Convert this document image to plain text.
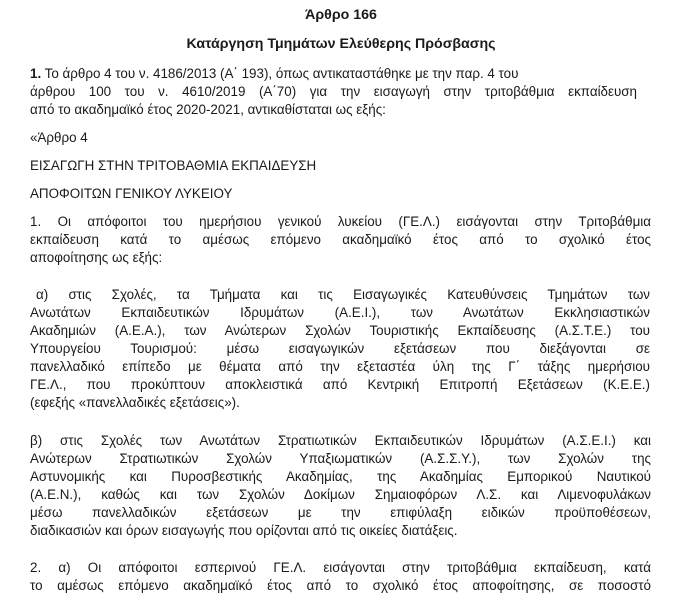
Άρθρο 166
Κατάργηση Τμημάτων Ελεύθερης Πρόσβασης
1. Το άρθρο 4 του ν. 4186/2013 (Α΄ 193), όπως αντικαταστάθηκε με την παρ. 4 του
άρθρου 100 του ν. 4610/2019 (Α΄70) για την εισαγωγή στην τριτοβάθμια εκπαίδευση
από το ακαδημαϊκό έτος 2020-2021, αντικαθίσταται ως εξής:
«Άρθρο 4
ΕΙΣΑΓΩΓΗ ΣΤΗΝ ΤΡΙΤΟΒΑΘΜΙΑ ΕΚΠΑΙΔΕΥΣΗ
ΑΠΟΦΟΙΤΩΝ ΓΕΝΙΚΟΥ ΛΥΚΕΙΟΥ
1. Οι απόφοιτοι του ημερήσιου γενικού λυκείου (ΓΕ.Λ.) εισάγονται στην Τριτοβάθμια
εκπαίδευση κατά το αμέσως επόμενο ακαδημαϊκό έτος από το σχολικό έτος
αποφοίτησης ως εξής:
α) στις Σχολές, τα Τμήματα και τις Εισαγωγικές Κατευθύνσεις Τμημάτων των
Ανωτάτων Εκπαιδευτικών Ιδρυμάτων (Α.Ε.Ι.), των Ανωτάτων Εκκλησιαστικών
Ακαδημιών (Α.Ε.Α.), των Ανώτερων Σχολών Τουριστικής Εκπαίδευσης (Α.Σ.Τ.Ε.) του
Υπουργείου Τουρισμού: μέσω εισαγωγικών εξετάσεων που διεξάγονται σε
πανελλαδικό επίπεδο με θέματα από την εξεταστέα ύλη της Γ΄ τάξης ημερήσιου
ΓΕ.Λ., που προκύπτουν αποκλειστικά από Κεντρική Επιτροπή Εξετάσεων (Κ.Ε.Ε.)
(εφεξής «πανελλαδικές εξετάσεις»).
β) στις Σχολές των Ανωτάτων Στρατιωτικών Εκπαιδευτικών Ιδρυμάτων (Α.Σ.Ε.Ι.) και
Ανώτερων Στρατιωτικών Σχολών Υπαξιωματικών (Α.Σ.Σ.Υ.), των Σχολών της
Αστυνομικής και Πυροσβεστικής Ακαδημίας, της Ακαδημίας Εμπορικού Ναυτικού
(Α.Ε.Ν.), καθώς και των Σχολών Δοκίμων Σημαιοφόρων Λ.Σ. και Λιμενοφυλάκων
μέσω πανελλαδικών εξετάσεων με την επιφύλαξη ειδικών προϋποθέσεων,
διαδικασιών και όρων εισαγωγής που ορίζονται από τις οικείες διατάξεις.
2. α) Οι απόφοιτοι εσπερινού ΓΕ.Λ. εισάγονται στην τριτοβάθμια εκπαίδευση, κατά
το αμέσως επόμενο ακαδημαϊκό έτος από το σχολικό έτος αποφοίτησης, σε ποσοστό
